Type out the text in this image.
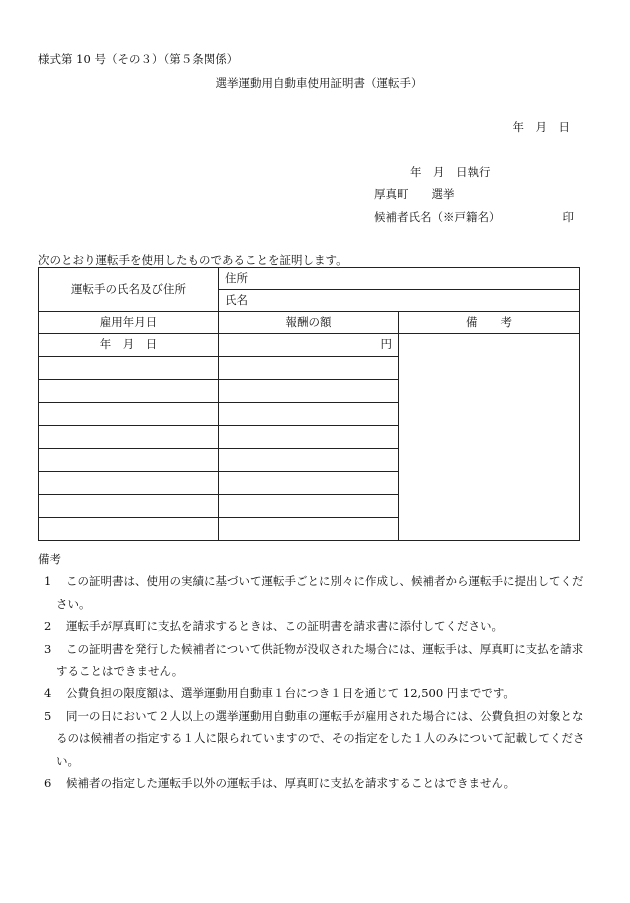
様式第 10 号（その３）（第５条関係）
選挙運動用自動車使用証明書（運転手）
年　月　日
年　月　日執行
厚真町　　選挙
候補者氏名（※戸籍名）	印
次のとおり運転手を使用したものであることを証明します。
運転手の氏名及び住所	住所	
	氏名	
雇用年月日	報酬の額	備　　考
年　月　日	円	

備考
1	この証明書は、使用の実績に基づいて運転手ごとに別々に作成し、候補者から運転手に提出してください。
2	運転手が厚真町に支払を請求するときは、この証明書を請求書に添付してください。
3	この証明書を発行した候補者について供託物が没収された場合には、運転手は、厚真町に支払を請求することはできません。
4	公費負担の限度額は、選挙運動用自動車１台につき１日を通じて 12,500 円までです。
5	同一の日において２人以上の選挙運動用自動車の運転手が雇用された場合には、公費負担の対象となるのは候補者の指定する１人に限られていますので、その指定をした１人のみについて記載してください。
6	候補者の指定した運転手以外の運転手は、厚真町に支払を請求することはできません。
